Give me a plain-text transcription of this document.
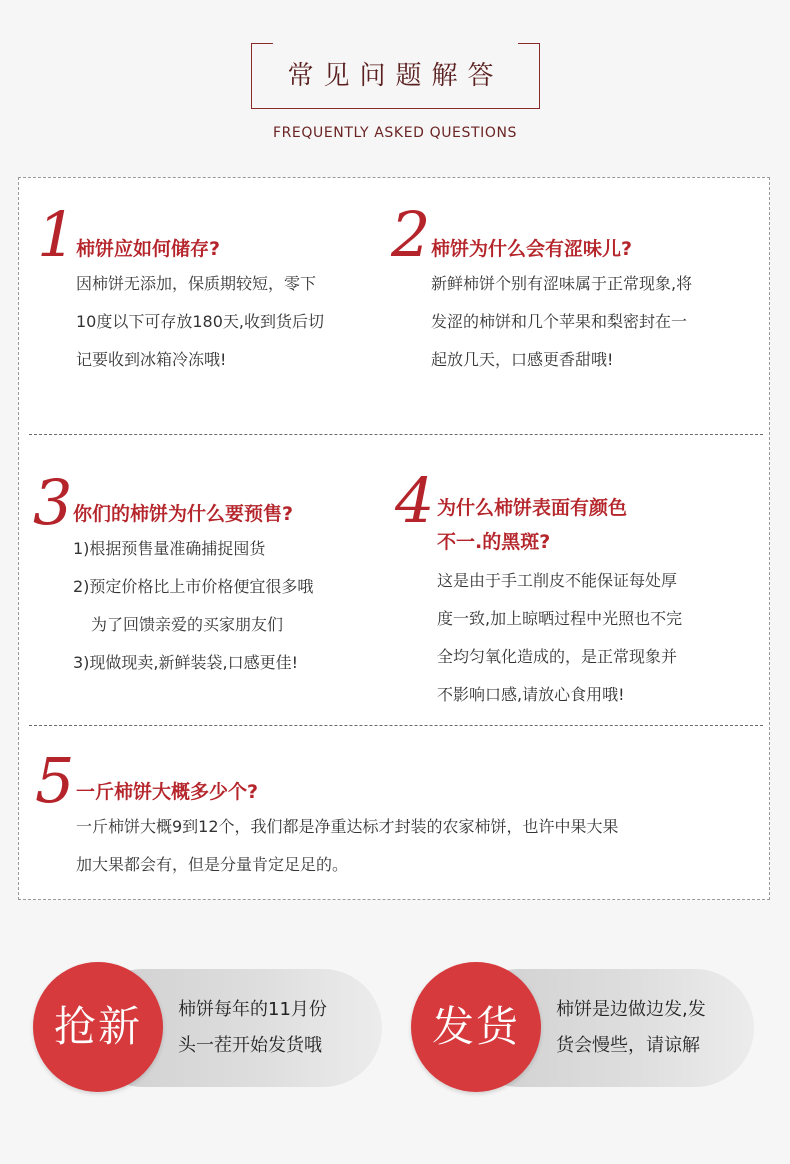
常见问题解答
FREQUENTLY ASKED QUESTIONS
1 柿饼应如何储存?
因柿饼无添加，保质期较短，零下
10度以下可存放180天,收到货后切
记要收到冰箱冷冻哦!
2 柿饼为什么会有涩味儿?
新鲜柿饼个别有涩味属于正常现象,将
发涩的柿饼和几个苹果和梨密封在一
起放几天，口感更香甜哦!
3 你们的柿饼为什么要预售?
1)根据预售量准确捕捉囤货
2)预定价格比上市价格便宜很多哦
为了回馈亲爱的买家朋友们
3)现做现卖,新鲜装袋,口感更佳!
4 为什么柿饼表面有颜色
不一.的黑斑?
这是由于手工削皮不能保证每处厚
度一致,加上晾晒过程中光照也不完
全均匀氧化造成的，是正常现象并
不影响口感,请放心食用哦!
5 一斤柿饼大概多少个?
一斤柿饼大概9到12个，我们都是净重达标才封装的农家柿饼，也许中果大果
加大果都会有，但是分量肯定足足的。
抢新	柿饼每年的11月份
头一茬开始发货哦	发货	柿饼是边做边发,发
货会慢些，请谅解
